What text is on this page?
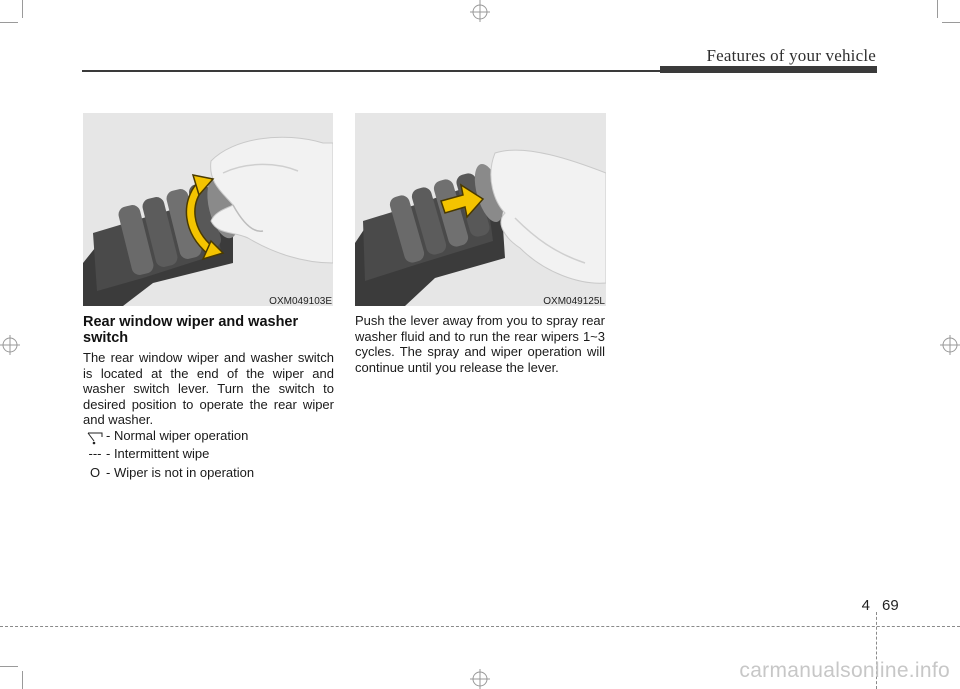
Features of your vehicle
OXM049103E	OXM049125L
Rear window wiper and washer switch
The rear window wiper and washer switch is located at the end of the wiper and washer switch lever. Turn the switch to desired position to operate the rear wiper and washer.
- Normal wiper operation
--- - Intermittent wipe
O - Wiper is not in operation
Push the lever away from you to spray rear washer fluid and to run the rear wipers 1~3 cycles. The spray and wiper operation will continue until you release the lever.
4 69
carmanualsonline.info
